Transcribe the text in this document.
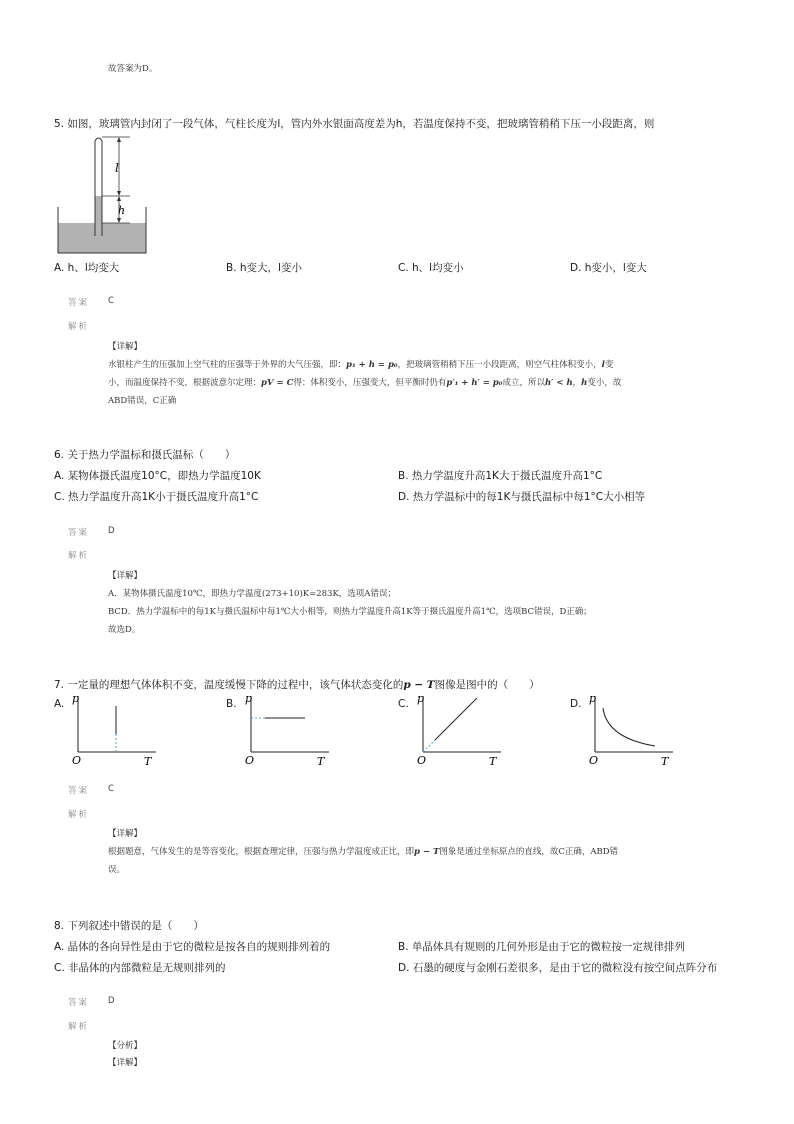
故答案为D。
5. 如图，玻璃管内封闭了一段气体，气柱长度为l，管内外水银面高度差为h，若温度保持不变，把玻璃管稍稍下压一小段距离，则
l
h
A. h、l均变大	B. h变大，l变小	C. h、l均变小	D. h变小，l变大
答案 C
解析
【详解】
水银柱产生的压强加上空气柱的压强等于外界的大气压强，即：p₁ + h = p₀，把玻璃管稍稍下压一小段距离，则空气柱体积变小，l变
小，而温度保持不变，根据波意尔定理：pV = C得：体积变小，压强变大，但平衡时仍有p′₁ + h′ = p₀成立，所以h′ < h，h变小，故
ABD错误，C正确
6. 关于热力学温标和摄氏温标（　　）
A. 某物体摄氏温度10°C，即热力学温度10K	B. 热力学温度升高1K大于摄氏温度升高1°C
C. 热力学温度升高1K小于摄氏温度升高1°C	D. 热力学温标中的每1K与摄氏温标中每1°C大小相等
答案 D
解析
【详解】
A．某物体摄氏温度10℃，即热力学温度(273+10)K=283K，选项A错误；
BCD．热力学温标中的每1K与摄氏温标中每1℃大小相等，则热力学温度升高1K等于摄氏温度升高1℃，选项BC错误，D正确；
故选D。
7. 一定量的理想气体体积不变，温度缓慢下降的过程中，该气体状态变化的p − T图像是图中的（　　）
A.	B.	C.	D.
p
O	T
p
O	T
p
O	T
p
O	T
答案 C
解析
【详解】
根据题意，气体发生的是等容变化，根据查理定律，压强与热力学温度成正比，即p − T图象是通过坐标原点的直线，故C正确，ABD错
误。
8. 下列叙述中错误的是（　　）
A. 晶体的各向异性是由于它的微粒是按各自的规则排列着的	B. 单晶体具有规则的几何外形是由于它的微粒按一定规律排列
C. 非晶体的内部微粒是无规则排列的	D. 石墨的硬度与金刚石差很多，是由于它的微粒没有按空间点阵分布
答案 D
解析
【分析】
【详解】
